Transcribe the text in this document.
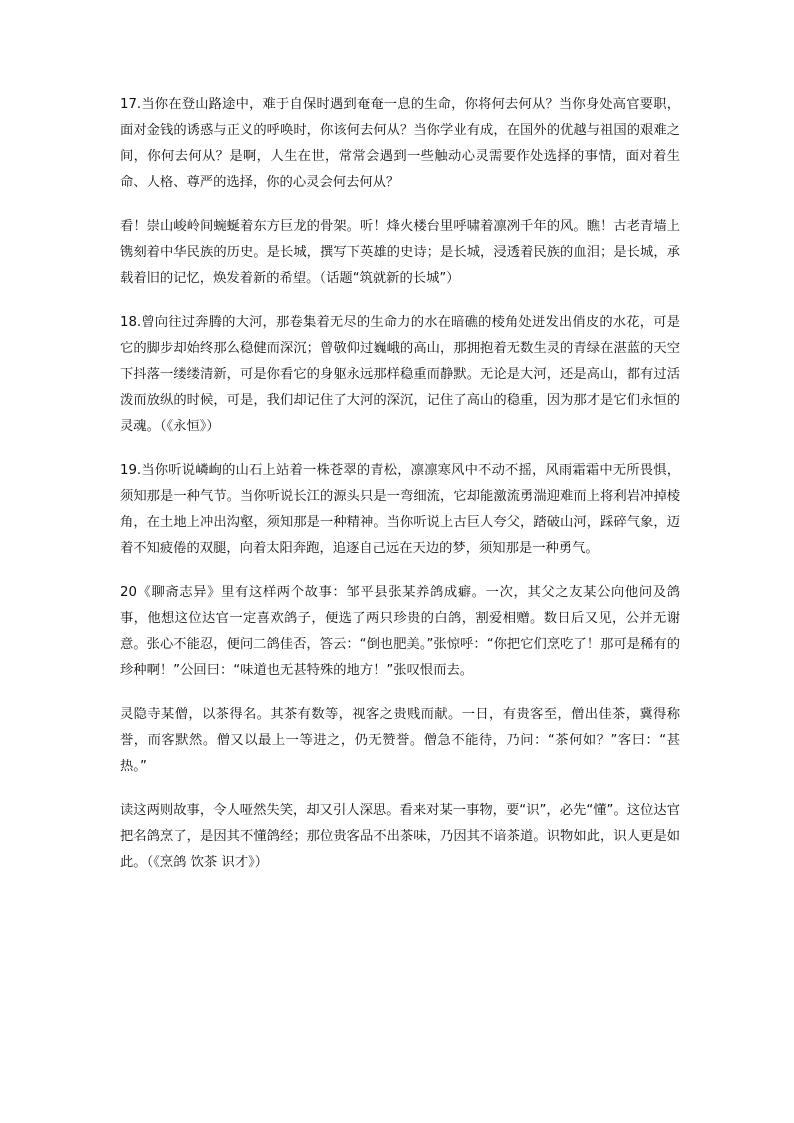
17.当你在登山路途中，难于自保时遇到奄奄一息的生命，你将何去何从？当你身处高官要职，面对金钱的诱惑与正义的呼唤时，你该何去何从？当你学业有成，在国外的优越与祖国的艰难之间，你何去何从？是啊，人生在世，常常会遇到一些触动心灵需要作处选择的事情，面对着生命、人格、尊严的选择，你的心灵会何去何从？

看！崇山峻岭间蜿蜒着东方巨龙的骨架。听！烽火楼台里呼啸着凛冽千年的风。瞧！古老青墙上镌刻着中华民族的历史。是长城，撰写下英雄的史诗；是长城，浸透着民族的血泪；是长城，承载着旧的记忆，焕发着新的希望。（话题“筑就新的长城”）

18.曾向往过奔腾的大河，那卷集着无尽的生命力的水在暗礁的棱角处迸发出俏皮的水花，可是它的脚步却始终那么稳健而深沉；曾敬仰过巍峨的高山，那拥抱着无数生灵的青绿在湛蓝的天空下抖落一缕缕清新，可是你看它的身躯永远那样稳重而静默。无论是大河，还是高山，都有过活泼而放纵的时候，可是，我们却记住了大河的深沉，记住了高山的稳重，因为那才是它们永恒的灵魂。（《永恒》）

19.当你听说嶙峋的山石上站着一株苍翠的青松，凛凛寒风中不动不摇，风雨霜霜中无所畏惧，须知那是一种气节。当你听说长江的源头只是一弯细流，它却能激流勇湍迎难而上将利岩冲掉棱角，在土地上冲出沟壑，须知那是一种精神。当你听说上古巨人夸父，踏破山河，踩碎气象，迈着不知疲倦的双腿，向着太阳奔跑，追逐自己远在天边的梦，须知那是一种勇气。

20《聊斋志异》里有这样两个故事：邹平县张某养鸽成癖。一次，其父之友某公向他问及鸽事，他想这位达官一定喜欢鸽子，便选了两只珍贵的白鸽，割爱相赠。数日后又见，公并无谢意。张心不能忍，便问二鸽佳否，答云：“倒也肥美。”张惊呼：“你把它们烹吃了！那可是稀有的珍种啊！”公回曰：“味道也无甚特殊的地方！”张叹恨而去。

灵隐寺某僧，以茶得名。其茶有数等，视客之贵贱而献。一日，有贵客至，僧出佳茶，冀得称誉，而客默然。僧又以最上一等进之，仍无赞誉。僧急不能待，乃问：“茶何如？”客曰：“甚热。”

读这两则故事，令人哑然失笑，却又引人深思。看来对某一事物，要“识”，必先“懂”。这位达官把名鸽烹了，是因其不懂鸽经；那位贵客品不出茶味，乃因其不谙茶道。识物如此，识人更是如此。（《烹鸽 饮茶 识才》）
